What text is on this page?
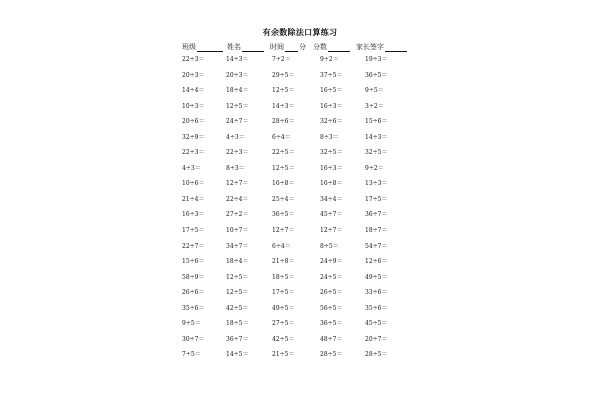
有余数除法口算练习
班级	姓名	时间 分 分数	家长签字
22÷3＝	14÷3＝	7÷2＝	9÷2＝	19÷3＝
20÷3＝	20÷3＝	29÷5＝	37÷5＝	36÷5＝
14÷4＝	18÷4＝	12÷5＝	16÷5＝	9÷5＝
10÷3＝	12÷5＝	14÷3＝	16÷3＝	3÷2＝
20÷6＝	24÷7＝	28÷6＝	32÷6＝	15÷6＝
32÷9＝	4÷3＝	6÷4＝	8÷3＝	14÷3＝
22÷3＝	22÷3＝	22÷5＝	32÷5＝	32÷5＝
4÷3＝	8÷3＝	12÷5＝	16÷3＝	9÷2＝
10÷6＝	12÷7＝	16÷8＝	16÷8＝	13÷3＝
21÷4＝	22÷4＝	25÷4＝	34÷4＝	17÷5＝
16÷3＝	27÷2＝	36÷5＝	45÷7＝	36÷7＝
17÷5＝	10÷7＝	12÷7＝	12÷7＝	18÷7＝
22÷7＝	34÷7＝	6÷4＝	8÷5＝	54÷7＝
15÷6＝	18÷4＝	21÷8＝	24÷9＝	12÷6＝
58÷9＝	12÷5＝	18÷5＝	24÷5＝	49÷5＝
26÷6＝	12÷5＝	17÷5＝	26÷5＝	33÷6＝
35÷6＝	42÷5＝	49÷5＝	56÷5＝	35÷6＝
9÷5＝	18÷5＝	27÷5＝	36÷5＝	45÷5＝
30÷7＝	36÷7＝	42÷5＝	48÷7＝	20÷7＝
7÷5＝	14÷5＝	21÷5＝	28÷5＝	28÷5＝
